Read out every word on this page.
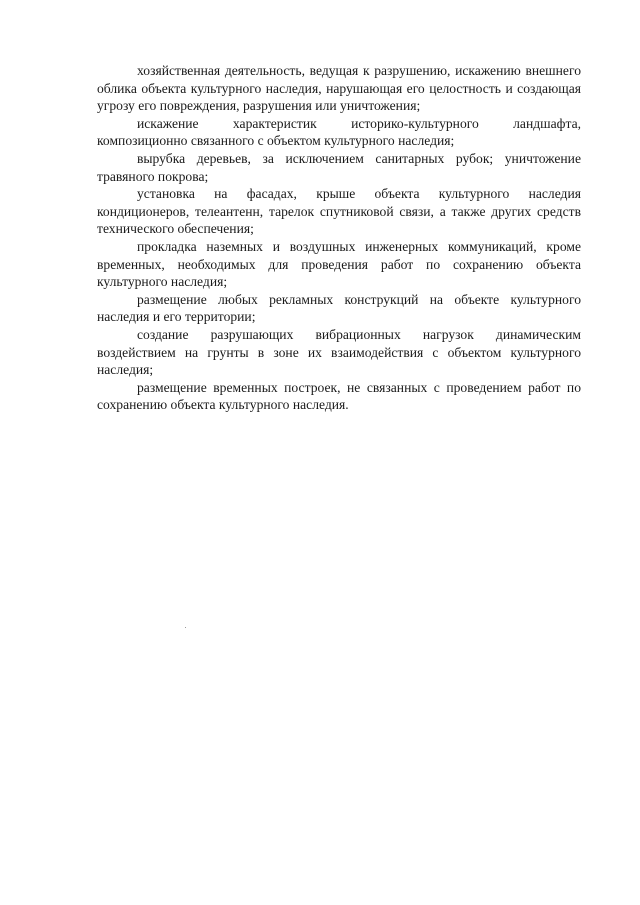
хозяйственная деятельность, ведущая к разрушению, искажению внешнего облика объекта культурного наследия, нарушающая его целостность и создающая угрозу его повреждения, разрушения или уничтожения;

искажение характеристик историко-культурного ландшафта, композиционно связанного с объектом культурного наследия;

вырубка деревьев, за исключением санитарных рубок; уничтожение травяного покрова;

установка на фасадах, крыше объекта культурного наследия кондиционеров, телеантенн, тарелок спутниковой связи, а также других средств технического обеспечения;

прокладка наземных и воздушных инженерных коммуникаций, кроме временных, необходимых для проведения работ по сохранению объекта культурного наследия;

размещение любых рекламных конструкций на объекте культурного наследия и его территории;

создание разрушающих вибрационных нагрузок динамическим воздействием на грунты в зоне их взаимодействия с объектом культурного наследия;

размещение временных построек, не связанных с проведением работ по сохранению объекта культурного наследия.
